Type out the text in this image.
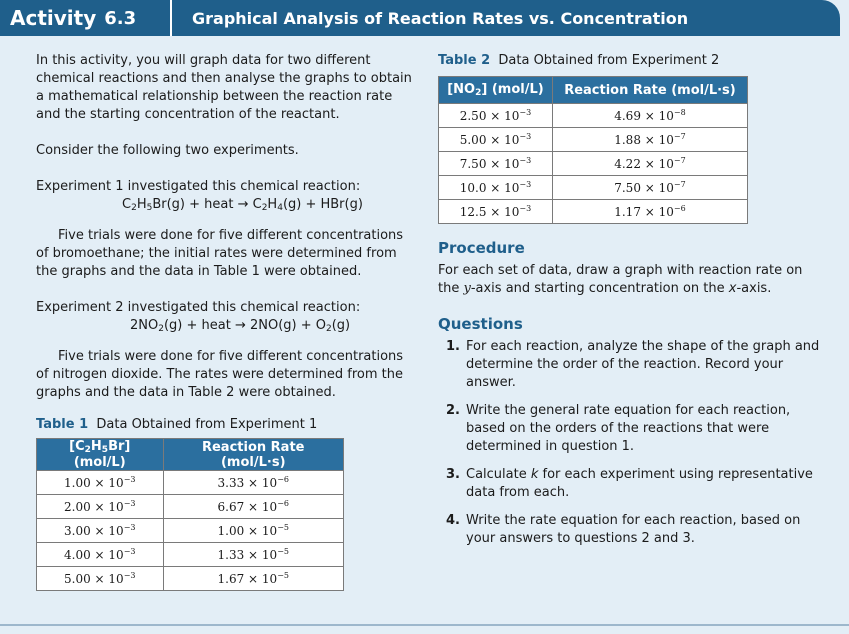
Activity 6.3	Graphical Analysis of Reaction Rates vs. Concentration

In this activity, you will graph data for two different chemical reactions and then analyse the graphs to obtain a mathematical relationship between the reaction rate and the starting concentration of the reactant.

Consider the following two experiments.

Experiment 1 investigated this chemical reaction:

$C_2H_5Br(g)$ + heat → $C_2H_4(g) + HBr(g)$

Five trials were done for five different concentrations of bromoethane; the initial rates were determined from the graphs and the data in Table 1 were obtained.

Experiment 2 investigated this chemical reaction:

$2NO_2(g)$ + heat → $2NO(g) + O_2(g)$

Five trials were done for five different concentrations of nitrogen dioxide. The rates were determined from the graphs and the data in Table 2 were obtained.

Table 1 Data Obtained from Experiment 1
$[C_2H_5Br]$ (mol/L)	Reaction Rate (mol/L·s)
$1.00 \times 10^{-3}$	$3.33 \times 10^{-6}$
$2.00 \times 10^{-3}$	$6.67 \times 10^{-6}$
$3.00 \times 10^{-3}$	$1.00 \times 10^{-5}$
$4.00 \times 10^{-3}$	$1.33 \times 10^{-5}$
$5.00 \times 10^{-3}$	$1.67 \times 10^{-5}$
Table 2 Data Obtained from Experiment 2
$[NO_2]$ (mol/L)	Reaction Rate (mol/L·s)
$2.50 \times 10^{-3}$	$4.69 \times 10^{-8}$
$5.00 \times 10^{-3}$	$1.88 \times 10^{-7}$
$7.50 \times 10^{-3}$	$4.22 \times 10^{-7}$
$10.0 \times 10^{-3}$	$7.50 \times 10^{-7}$
$12.5 \times 10^{-3}$	$1.17 \times 10^{-6}$
Procedure

For each set of data, draw a graph with reaction rate on the y-axis and starting concentration on the x-axis.

Questions
1. For each reaction, analyze the shape of the graph and determine the order of the reaction. Record your answer.
2. Write the general rate equation for each reaction, based on the orders of the reactions that were determined in question 1.
3. Calculate k for each experiment using representative data from each.
4. Write the rate equation for each reaction, based on your answers to questions 2 and 3.
